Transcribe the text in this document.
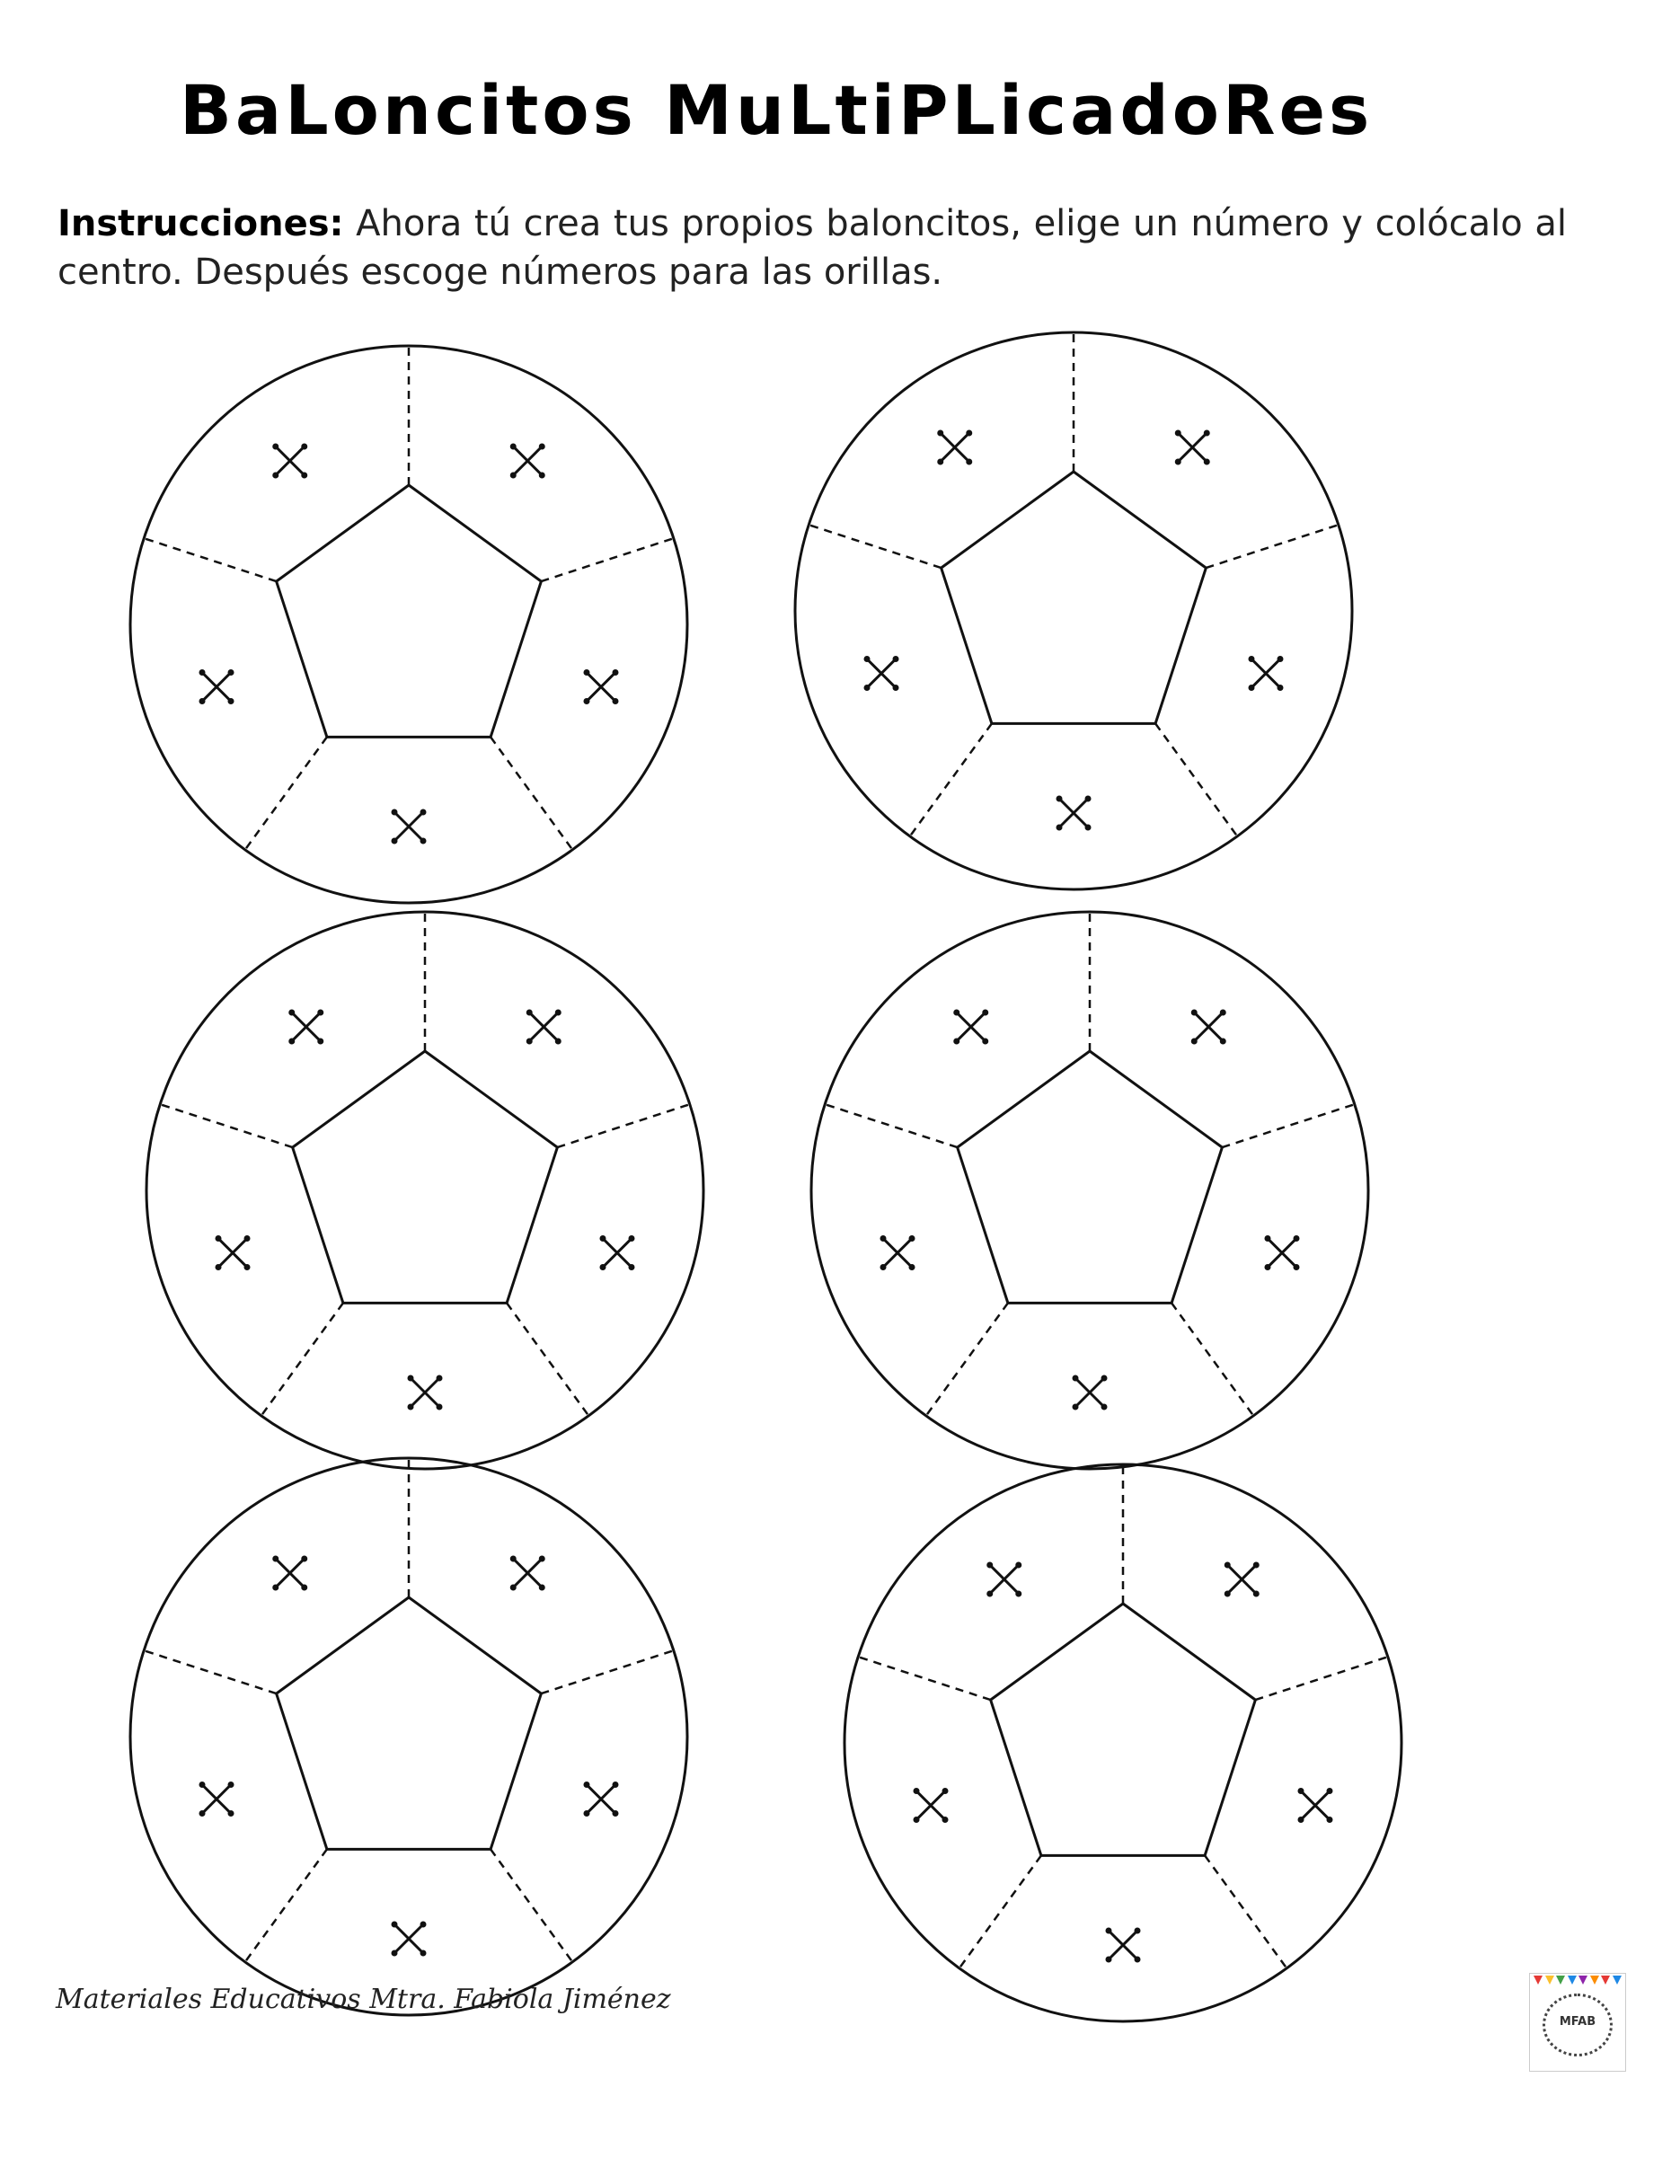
BaLoncitos MuLtiPLicadoRes
Instrucciones: Ahora tú crea tus propios baloncitos, elige un número y colócalo al centro. Después escoge números para las orillas.
Materiales Educativos Mtra. Fabiola Jiménez
MFAB
